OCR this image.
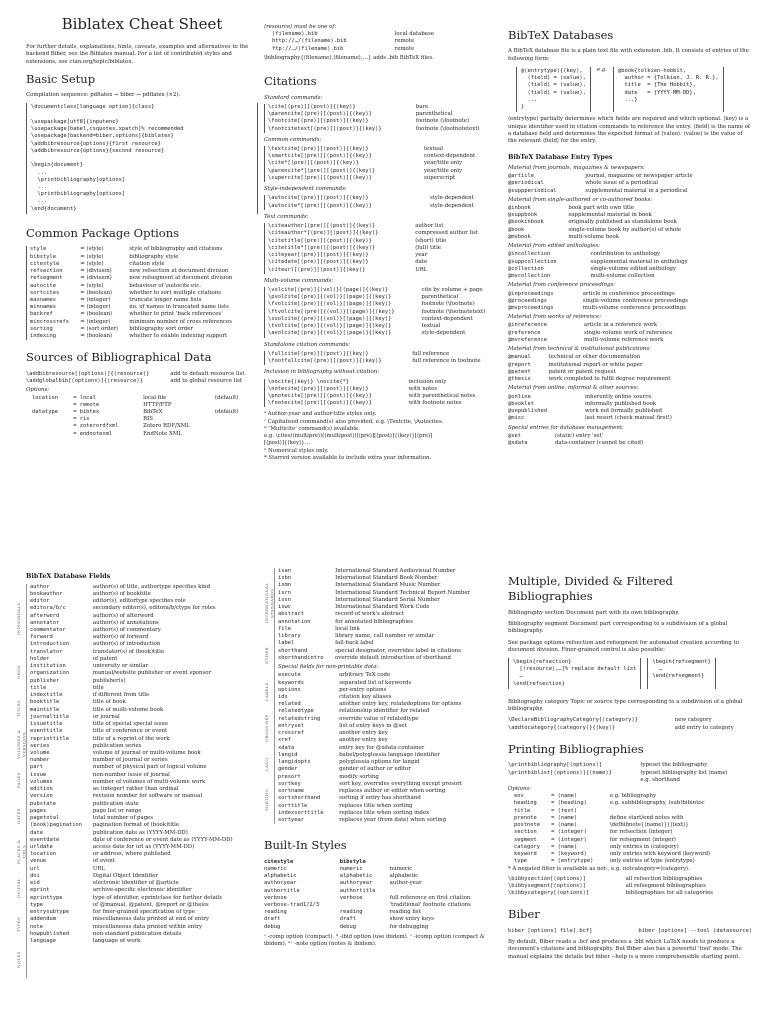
Biblatex Cheat Sheet
For further details, explanations, hints, caveats, examples and alternatives to the backend Biber, see the Biblatex manual. For a list of contributed styles and extensions, see ctan.org/topic/biblatex.
Basic Setup
Compilation sequence: pdflatex → biber → pdflatex (×2).
\documentclass[language option]{class}

\usepackage[utf8]{inputenc}
\usepackage[babel,csquotes,xpatch]% recommended
\usepackage[backend=biber,options]{biblatex}
\addbibresource{options}{first resource}
\addbibresource{options}{second resource}

\begin{document}
...
\printbibliography[options]
...
\printbibliography[options]
...
\end{document}
Common Package Options
style	= ⟨style⟩	style of bibliography and citations
bibstyle	= ⟨style⟩	bibliography style
citestyle	= ⟨style⟩	citation style
refsection	= ⟨division⟩	new refsection at document division
refsegment	= ⟨division⟩	new refsegment at document division
autocite	= ⟨style⟩	behaviour of \autocite etc.
sortcites	= ⟨boolean⟩	whether to sort multiple citations
maxnames	= ⟨integer⟩	truncate longer name lists
minnames	= ⟨integer⟩	no. of names in truncated name lists
backref	= ⟨boolean⟩	whether to print 'back references'
mincrossrefs	= ⟨integer⟩	minimum number of cross references
sorting	= ⟨sort order⟩	bibliography sort order
indexing	= ⟨boolean⟩	whether to enable indexing support
Sources of Bibliographical Data
\addbibresource[⟨options⟩]{⟨resource⟩}	add to default resource list
\addglobalbib[⟨options⟩]{⟨resource⟩}	add to global resource list
Options:
location	= local	local file	(default)
	= remote	HTTP/FTP	
datatype	= bibtex	BibTeX	(default)
	= ris	RIS	
	= zoterordfxml	Zotero RDF/XML	
	= endnotexml	EndNote XML	
⟨resource⟩ must be one of:
⟨filename⟩.bib	local database
http://…/⟨filename⟩.bib	remote
ftp://…/⟨filename⟩.bib	remote
\bibliography{⟨filename⟩,⟨filename⟩,…} adds .bib BibTeX files.
Citations
Standard commands:
\cite[⟨pre⟩][⟨post⟩]{⟨key⟩}	bare
\parencite[⟨pre⟩][⟨post⟩]{⟨key⟩}	parenthetical
\footcite[⟨pre⟩][⟨post⟩]{⟨key⟩}	footnote (\footnote)
\footcitetext[⟨pre⟩][⟨post⟩]{⟨key⟩}	footnote (\footnotetext)
Common commands:
\textcite[⟨pre⟩][⟨post⟩]{⟨key⟩}	textual
\smartcite[⟨pre⟩][⟨post⟩]{⟨key⟩}	context-dependent
\cite*[⟨pre⟩][⟨post⟩]{⟨key⟩}	year/title only
\parencite*[⟨pre⟩][⟨post⟩]{⟨key⟩}	year/title only
\supercite[⟨pre⟩][⟨post⟩]{⟨key⟩}	superscript
Style-independent commands:
\autocite[⟨pre⟩][⟨post⟩]{⟨key⟩}	style-dependent
\autocite*[⟨pre⟩][⟨post⟩]{⟨key⟩}	style-dependent
Text commands:
\citeauthor[⟨pre⟩][⟨post⟩]{⟨key⟩}	author list
\citeauthor*[⟨pre⟩][⟨post⟩]{⟨key⟩}	compressed author list
\citetitle[⟨pre⟩][⟨post⟩]{⟨key⟩}	(short) title
\citetitle*[⟨pre⟩][⟨post⟩]{⟨key⟩}	(full) title
\citeyear[⟨pre⟩][⟨post⟩]{⟨key⟩}	year
\citedate[⟨pre⟩][⟨post⟩]{⟨key⟩}	date
\citeurl[⟨pre⟩][⟨post⟩]{⟨key⟩}	URL
Multi-volume commands:
\volcite[⟨pre⟩]{⟨vol⟩}[⟨page⟩]{⟨key⟩}	cite by volume + page
\pvolcite[⟨pre⟩]{⟨vol⟩}[⟨page⟩]{⟨key⟩}	parenthetical
\fvolcite[⟨pre⟩]{⟨vol⟩}[⟨page⟩]{⟨key⟩}	footnote (\footnote)
\ftvolcite[⟨pre⟩]{⟨vol⟩}[⟨page⟩]{⟨key⟩}	footnote (\footnotetext)
\svolcite[⟨pre⟩]{⟨vol⟩}[⟨page⟩]{⟨key⟩}	context-dependent
\tvolcite[⟨pre⟩]{⟨vol⟩}[⟨page⟩]{⟨key⟩}	textual
\avolcite[⟨pre⟩]{⟨vol⟩}[⟨page⟩]{⟨key⟩}	style-dependent
Standalone citation commands:
\fullcite[⟨pre⟩][⟨post⟩]{⟨key⟩}	full reference
\footfullcite[⟨pre⟩][⟨post⟩]{⟨key⟩}	full reference in footnote
Inclusion in bibliography without citation:
\nocite{⟨key⟩} \nocite{*}	inclusion only
\notecite[⟨pre⟩][⟨post⟩]{⟨key⟩}	with notes
\pnotecite[⟨pre⟩][⟨post⟩]{⟨key⟩}	with parenthetical notes
\fnotecite[⟨pre⟩][⟨post⟩]{⟨key⟩}	with footnote notes
ᵃ Author-year and author-title styles only.
ᶜ Capitalised command(s) also provided, e.g. \Textcite, \Autocites.
ᵐ 'Multicite' command(s) available.
e.g. \cites(⟨multipre⟩)(⟨multipost⟩)[⟨pre⟩][⟨post⟩]{⟨key⟩}[⟨pre⟩]
[⟨post⟩]{⟨key⟩}…
ⁿ Numerical styles only.
* Starred version available to include extra year information.
BibTeX Databases
A BibTeX database file is a plain text file with extension .bib. It consists of entries of the following form:
@⟨entrytype⟩{⟨key⟩,
⟨field⟩ = ⟨value⟩,
⟨field⟩ = ⟨value⟩,
⟨field⟩ = ⟨value⟩,
...
}
e.g.	@book{tolkien-hobbit,
author = {Tolkien, J. R. R.},
title  = {The Hobbit},
date   = {YYYY-MM-DD},
...}
⟨entrytype⟩ partially determines which fields are required and which optional. ⟨key⟩ is a unique identifier used in citation commands to reference the entry. ⟨field⟩ is the name of a database field and determines the expected format of ⟨value⟩. ⟨value⟩ is the value of the relevant ⟨field⟩ for the entry.
BibTeX Database Entry Types
Material from journals, magazines & newspapers:
@article	journal, magazine or newspaper article
@periodical	whole issue of a periodical
@suppperiodical	supplemental material in a periodical
Material from single-authored or co-authored books:
@inbook	book part with own title
@suppbook	supplemental material in book
@bookinbook	originally published as standalone book
@book	single-volume book by author(s) of whole
@mvbook	multi-volume book
Material from edited anthologies:
@incollection	contribution to anthology
@suppcollection	supplemental material in anthology
@collection	single-volume edited anthology
@mvcollection	multi-volume collection
Material from conference proceedings:
@inproceedings	article in conference proceedings
@proceedings	single-volume conference proceedings
@mvproceedings	multi-volume conference proceedings
Material from works of reference:
@inreference	article in a reference work
@reference	single-volume work of reference
@mvreference	multi-volume reference work
Material from technical & institutional publications:
@manual	technical or other documentation
@report	institutional report or white paper
@patent	patent or patent request
@thesis	work completed to fulfil degree requirement
Material from online, informal & other sources:
@online	inherently online source
@booklet	informally published book
@unpublished	work not formally published
@misc	last resort (check manual first!)
Special entries for database management:
@set	(static) entry 'set'
@xdata	data-container (cannot be cited)
BibTeX Database Fields
INDIVIDUALS
ORGS
TITLES
VOLUMES & VERSIONS
PAGES
DATES
PLACES & URLS
DIGITAL
TYPES
NOTES
author	author(s) of title, authortype specifies kind
bookauthor	author(s) of booktitle
editor	editor(s), editortype specifies role
editora/b/c	secondary editor(s), editora/b/ctype for roles
afterword	author(s) of afterword
annotator	author(s) of annotations
commentator	author(s) of commentary
forward	author(s) of forward
introduction	author(s) of introduction
translator	translator(s) of (book)title
holder	of patent
institution	university or similar
organization	manual/website publisher or event sponsor
publisher	publisher(s)
title	title
indextitle	if different from title
booktitle	title of book
maintitle	title of multi-volume book
journaltitle	or journal
issuetitle	title of special special issue
eventtitle	title of conference or event
reprinttitle	title of a reprint of the work
series	publication series
volume	volume of journal or multi-volume book
number	number of journal or series
part	number of physical part of logical volume
issue	non-number issue of journal
volumes	number of volumes of multi-volume work
edition	as (integer) rather than ordinal
version	revision number for software or manual
pubstate	publication state
pages	page list or range
pagetotal	total number of pages
(book)pagination	pagination format of (book)title
date	publication date as (YYYY-MM-DD)
eventdate	date of conference or event date as (YYYY-MM-DD)
urldate	access date for url as (YYYY-MM-DD)
location	or address, where published
venue	of event
url	URL
doi	Digital Object Identifier
eid	electronic identifier of @article
eprint	archive-specific electronic identifier
eprinttype	type of identifier, eprintclass for further details
type	of @manual, @patent, @report or @thesis
entrysubtype	for finer-grained specification of type
addendum	miscellaneous data printed at end of entry
note	miscellaneous data printed within entry
howpublished	non-standard publication details
language	language of work
INTERNATIONAL STANDARDS
OTHER
LABELS
CROSS-REF
LANG
SORTING
isan	International Standard Audiovisual Number
isbn	International Standard Book Number
ismn	International Standard Music Number
isrn	International Standard Technical Report Number
issn	International Standard Serial Number
iswc	International Standard Work Code
abstract	record of work's abstract
annotation	for annotated bibliographies
file	local link
library	library name, call number or similar
label	fall-back label
shorthand	special designator, overrides label in citations
shorthandintro	override default introduction of shorthand
Special fields for non-printable data:
execute	arbitrary TeX code
keywords	separated list of keywords
options	per-entry options
ids	citation key aliases
related	another entry key, relatedoptions for options
relatedtype	relationship identifier for related
relatedstring	override value of relatedtype
entryset	list of entry keys in @set
crossref	another entry key
xref	another entry key
xdata	entry key for @xdata container
langid	babel/polyglossia language identifier
langidopts	polyglossia options for langid
gender	gender of author or editor
presort	modify sorting
sortkey	sort key, overrides everything except presort
sortname	replaces author or editor when sorting
sortshorthand	sorting if entry has shorthand
sorttitle	replaces title when sorting
indexsorttitle	replaces title when sorting index
sortyear	replaces year (from date) when sorting
Built-In Styles
citestyle	bibstyle	
numeric	numeric	numeric
alphabetic	alphabetic	alphabetic
authoryear	authoryear	author-year
authortitle	authortitle	
verbose	verbose	full reference on first citation
verbose-trad1/2/3		'traditional' footnote citations
reading	reading	reading list
draft	draft	show entry keys
debug	debug	for debugging
ᶜ -comp option (compact). ʰ -ibid option (use ibidem). ᶜ -icomp option (compact & ibidem). ⁿᵒ -note option (notes & ibidem).
Multiple, Divided & Filtered Bibliographies
Bibliography section Document part with its own bibliography.
Bibliography segment Document part corresponding to a subdivision of a global bibliography.
See package options refsection and refsegment for automated creation according to document division. Finer-grained control is also possible:
\begin{refsection}
[⟨resource⟩,…]% replace default list
…
\end{refsection}
\begin{refsegment}
…
\end{refsegment}
Bibliography category Topic or source type corresponding to a subdivision of a global bibliography.
\DeclareBibliographyCategory{⟨category⟩}	new category
\addtocategory{⟨category⟩}{⟨key⟩}	add entry to category
Printing Bibliographies
\printbibliography[⟨options⟩]	typeset the bibliography
\printbiblist[⟨options⟩]{⟨name⟩}	typeset bibliography list ⟨name⟩
	e.g. shorthand
Options:
env	= ⟨name⟩	e.g. bibliography
heading	= ⟨heading⟩	e.g. subbibliography, (sub)bibintoc
title	= ⟨text⟩	
prenote	= ⟨name⟩	define start/end notes with
postnote	= ⟨name⟩	\defbibnote{⟨name⟩}{⟨text⟩}
section	= ⟨integer⟩	for refsection ⟨integer⟩
segment	= ⟨integer⟩	for refsegment ⟨integer⟩
category	= ⟨name⟩	only entries in ⟨category⟩
keyword	= ⟨keyword⟩	only entries with keyword ⟨keyword⟩
type	= ⟨entrytype⟩	only entries of type ⟨entrytype⟩
* A negated filter is available as not-, e.g. notcategory=⟨category⟩.
\bibbysection[⟨options⟩]	all refsection bibliographies
\bibbysegment[⟨options⟩]	all refsegment bibliographies
\bibbycategory[⟨options⟩]	bibliographies for all categories
Biber
biber [options] file[.bcf]	biber [options] --tool ⟨datasource⟩
By default, Biber reads a .bcf and produces a .bbl which LaTeX needs to produce a document's citations and bibliography. But Biber also has a powerful 'tool' mode. The manual explains the details but biber --help is a more comprehensible starting point.
